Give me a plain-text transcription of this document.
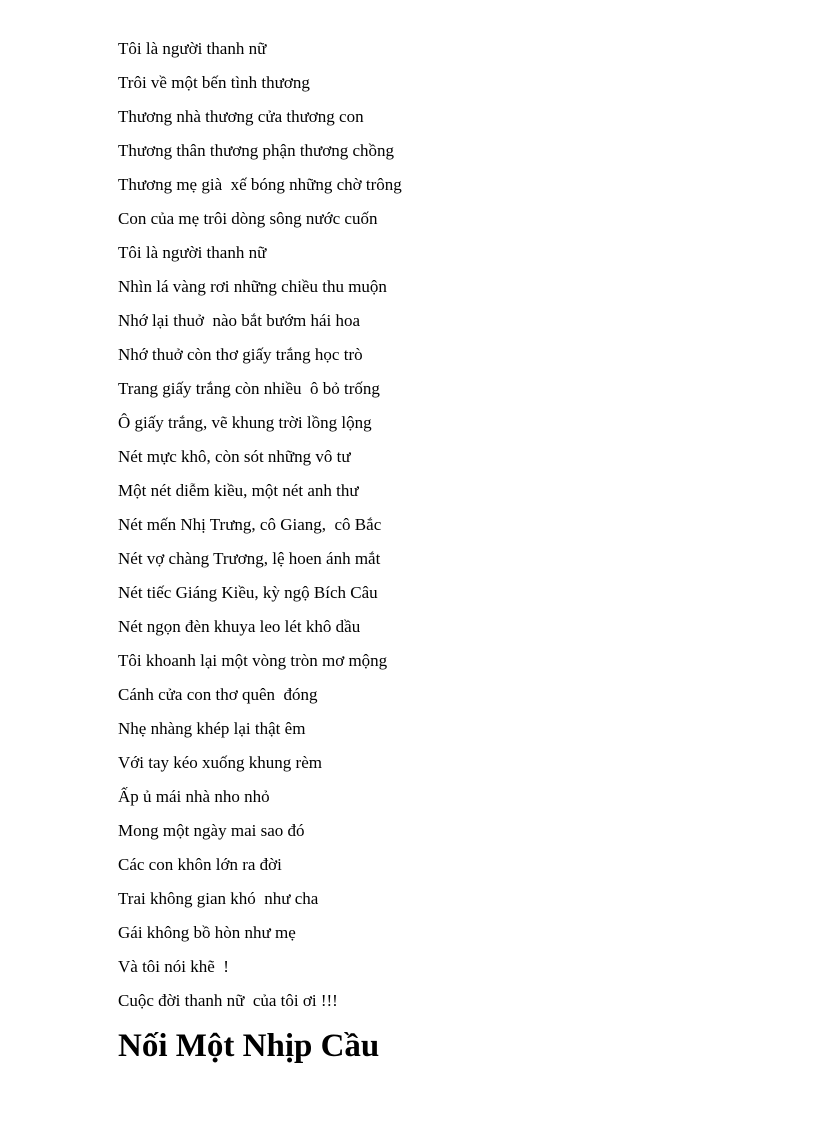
Tôi là người thanh nữ
Trôi về một bến tình thương
Thương nhà thương cửa thương con
Thương thân thương phận thương chồng
Thương mẹ già  xế bóng những chờ trông
Con của mẹ trôi dòng sông nước cuốn
Tôi là người thanh nữ
Nhìn lá vàng rơi những chiều thu muộn
Nhớ lại thuở  nào bắt bướm hái hoa
Nhớ thuở còn thơ giấy trắng học trò
Trang giấy trắng còn nhiều  ô bỏ trống
Ô giấy trắng, vẽ khung trời lồng lộng
Nét mực khô, còn sót những vô tư
Một nét diễm kiều, một nét anh thư
Nét mến Nhị Trưng, cô Giang,  cô Bắc
Nét vợ chàng Trương, lệ hoen ánh mắt
Nét tiếc Giáng Kiều, kỳ ngộ Bích Câu
Nét ngọn đèn khuya leo lét khô dầu
Tôi khoanh lại một vòng tròn mơ mộng
Cánh cửa con thơ quên  đóng
Nhẹ nhàng khép lại thật êm
Với tay kéo xuống khung rèm
Ấp ủ mái nhà nho nhỏ
Mong một ngày mai sao đó
Các con khôn lớn ra đời
Trai không gian khó  như cha
Gái không bồ hòn như mẹ
Và tôi nói khẽ  !
Cuộc đời thanh nữ  của tôi ơi !!!
Nối Một Nhịp Cầu
